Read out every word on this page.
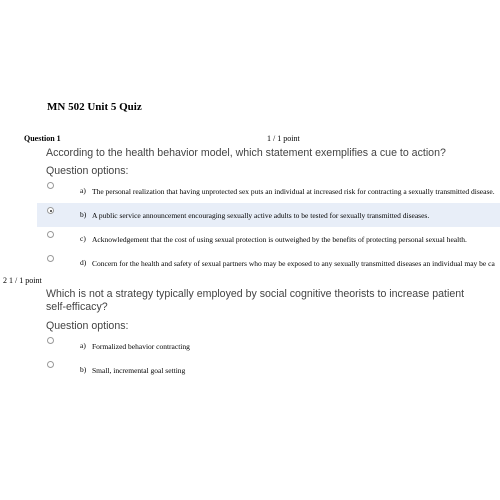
MN 502 Unit 5 Quiz
Question 1	1 / 1 point
According to the health behavior model, which statement exemplifies a cue to action?
Question options:
a) The personal realization that having unprotected sex puts an individual at increased risk for contracting a sexually transmitted disease.
b) A public service announcement encouraging sexually active adults to be tested for sexually transmitted diseases.
c) Acknowledgement that the cost of using sexual protection is outweighed by the benefits of protecting personal sexual health.
d) Concern for the health and safety of sexual partners who may be exposed to any sexually transmitted diseases an individual may be ca
2 1 / 1 point
Which is not a strategy typically employed by social cognitive theorists to increase patient
self-efficacy?
Question options:
a) Formalized behavior contracting
b) Small, incremental goal setting
